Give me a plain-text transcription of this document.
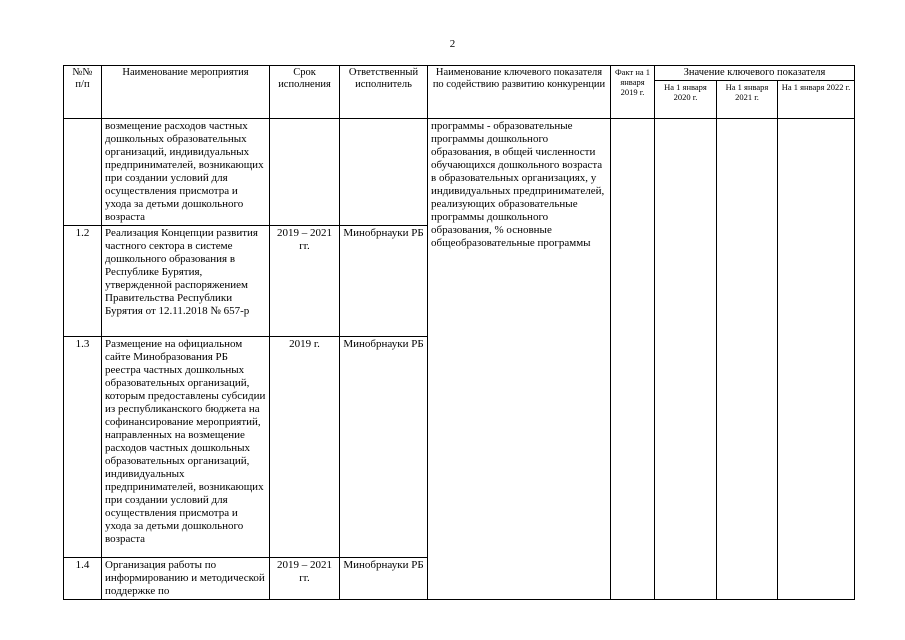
2
№№ п/п	Наименование мероприятия	Срок исполнения	Ответственный исполнитель	Наименование ключевого показателя по содействию развитию конкуренции	Факт на 1 января 2019 г.	Значение ключевого показателя		
						На 1 января 2020 г.	На 1 января 2021 г.	На 1 января 2022 г.
	возмещение расходов частных дошкольных образовательных организаций, индивидуальных предпринимателей, возникающих при создании условий для осуществления присмотра и ухода за детьми дошкольного возраста			программы - образовательные программы дошкольного образования, в общей численности обучающихся дошкольного возраста в образовательных организациях, у индивидуальных предпринимателей, реализующих образовательные программы дошкольного образования, % основные общеобразовательные программы				
1.2	Реализация Концепции развития частного сектора в системе дошкольного образования в Республике Бурятия, утвержденной распоряжением Правительства Республики Бурятия от 12.11.2018 № 657-р	2019 – 2021 гг.	Минобрнауки РБ					
1.3	Размещение на официальном сайте Минобразования РБ реестра частных дошкольных образовательных организаций, которым предоставлены субсидии из республиканского бюджета на софинансирование мероприятий, направленных на возмещение расходов частных дошкольных образовательных организаций, индивидуальных предпринимателей, возникающих при создании условий для осуществления присмотра и ухода за детьми дошкольного возраста	2019 г.	Минобрнауки РБ					
1.4	Организация работы по информированию и методической поддержке по	2019 – 2021 гг.	Минобрнауки РБ					
